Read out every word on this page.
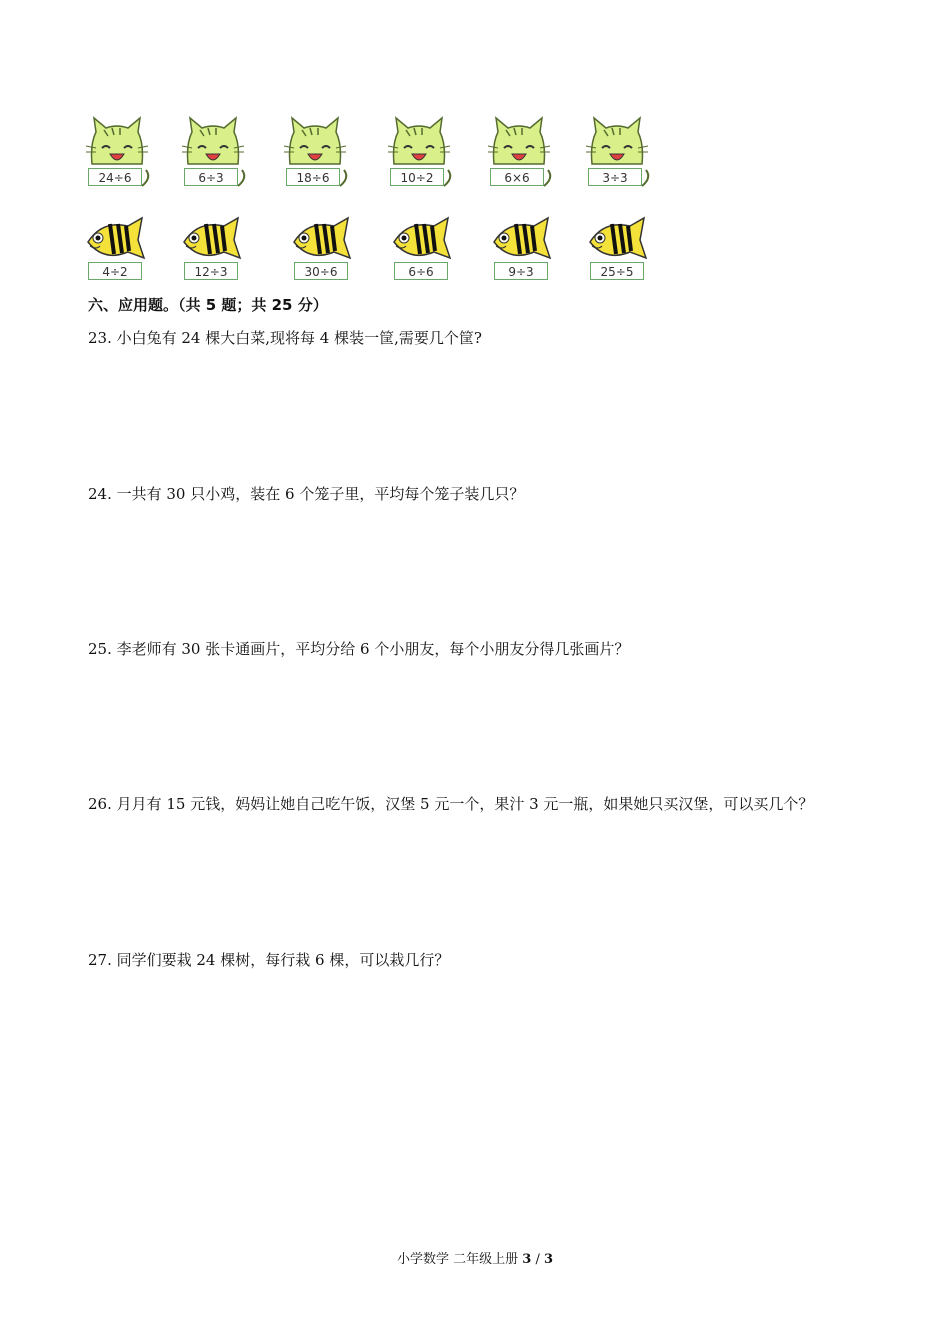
24÷6	6÷3	18÷6	10÷2	6×6	3÷3
4÷2	12÷3	30÷6	6÷6	9÷3	25÷5
六、应用题。（共 5 题；共 25 分）
23. 小白兔有 24 棵大白菜,现将每 4 棵装一筐,需要几个筐?
24. 一共有 30 只小鸡，装在 6 个笼子里，平均每个笼子装几只？
25. 李老师有 30 张卡通画片，平均分给 6 个小朋友，每个小朋友分得几张画片？
26. 月月有 15 元钱，妈妈让她自己吃午饭，汉堡 5 元一个，果汁 3 元一瓶，如果她只买汉堡，可以买几个？
27. 同学们要栽 24 棵树，每行栽 6 棵，可以栽几行？
小学数学 二年级上册 3 / 3
